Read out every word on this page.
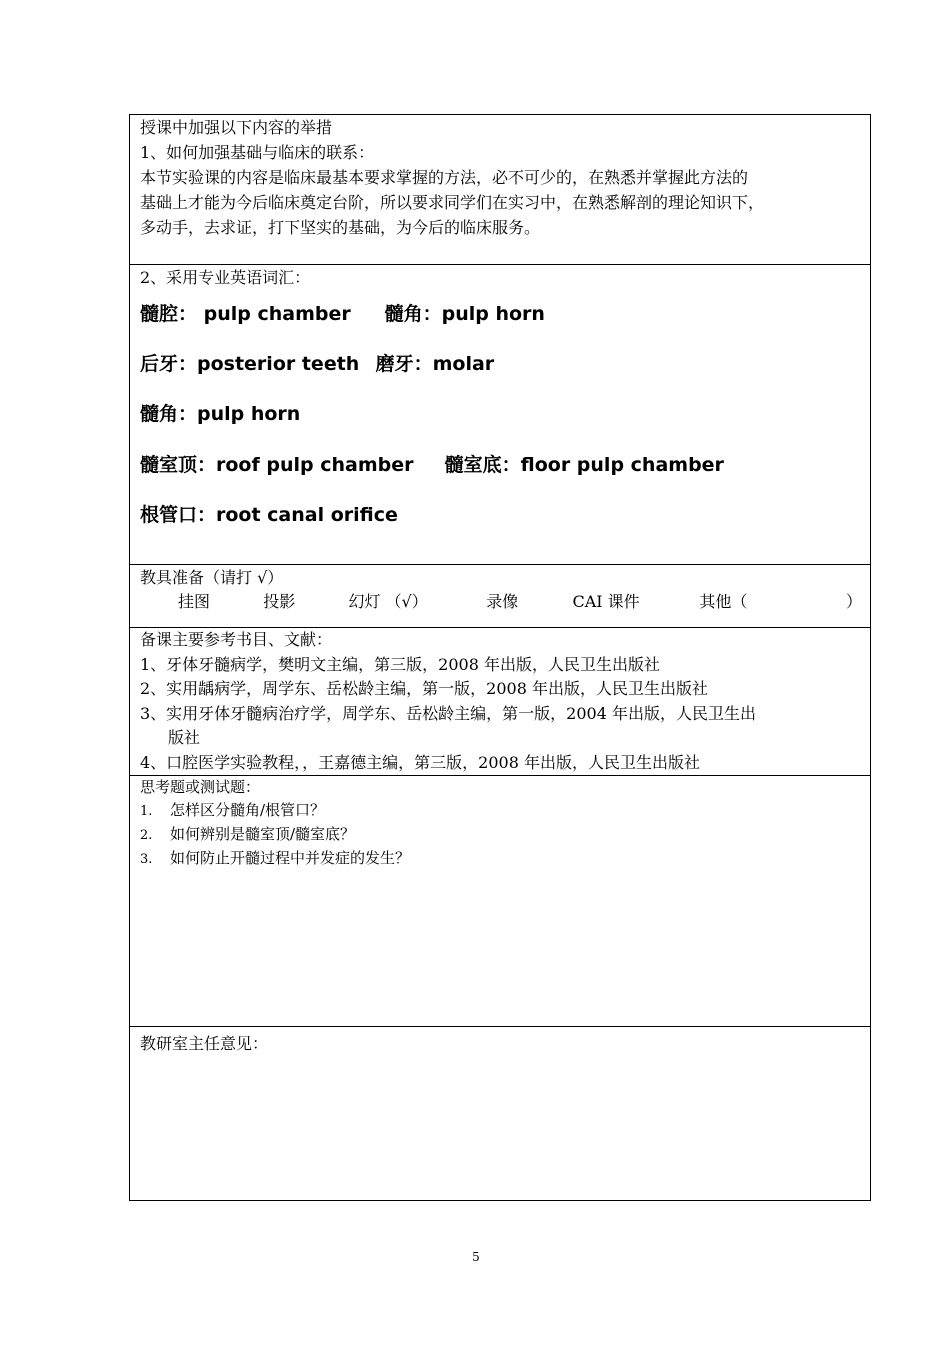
授课中加强以下内容的举措
1、如何加强基础与临床的联系：
本节实验课的内容是临床最基本要求掌握的方法，必不可少的，在熟悉并掌握此方法的
基础上才能为今后临床奠定台阶，所以要求同学们在实习中，在熟悉解剖的理论知识下，
多动手，去求证，打下坚实的基础，为今后的临床服务。
2、采用专业英语词汇：
髓腔： pulp chamber 髓角：pulp horn
后牙：posterior teeth 磨牙：molar
髓角：pulp horn
髓室顶：roof pulp chamber 髓室底：floor pulp chamber
根管口：root canal orifice
教具准备（请打 √）
挂图	投影	幻灯 （√）	录像	CAI 课件	其他（	）
备课主要参考书目、文献：
1、牙体牙髓病学，樊明文主编，第三版，2008 年出版，人民卫生出版社
2、实用龋病学，周学东、岳松龄主编，第一版，2008 年出版，人民卫生出版社
3、实用牙体牙髓病治疗学，周学东、岳松龄主编，第一版，2004 年出版，人民卫生出
版社
4、口腔医学实验教程，，王嘉德主编，第三版，2008 年出版，人民卫生出版社
思考题或测试题：
1. 怎样区分髓角/根管口？
2. 如何辨别是髓室顶/髓室底？
3. 如何防止开髓过程中并发症的发生？
教研室主任意见：
5
